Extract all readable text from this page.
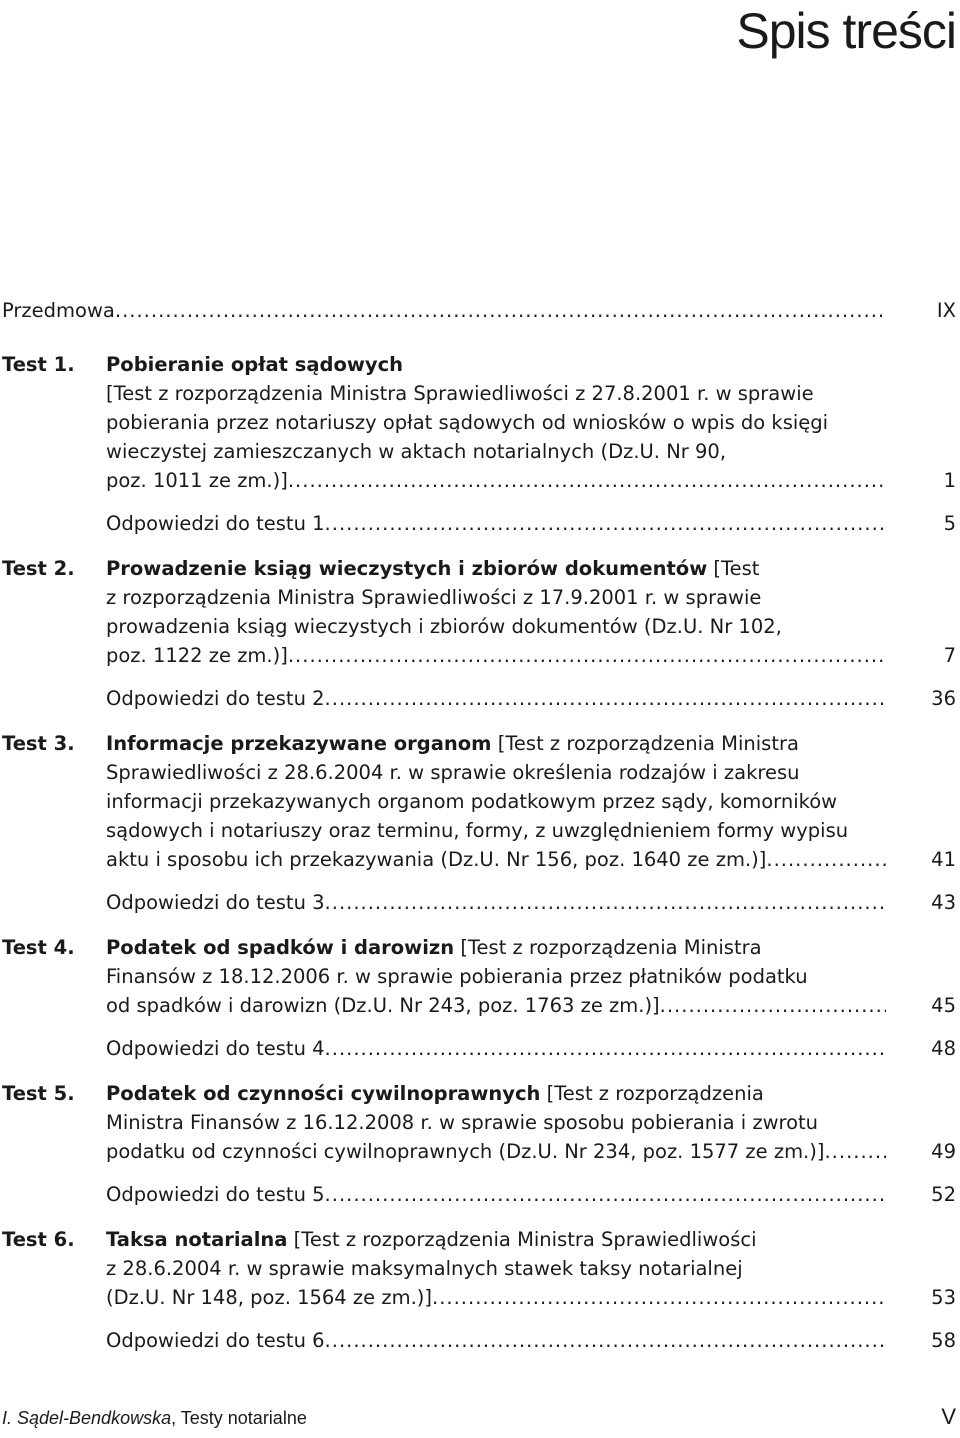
Spis treści
Przedmowa .....	IX
Test 1. Pobieranie opłat sądowych
[Test z rozporządzenia Ministra Sprawiedliwości z 27.8.2001 r. w sprawie
pobierania przez notariuszy opłat sądowych od wniosków o wpis do księgi
wieczystej zamieszczanych w aktach notarialnych (Dz.U. Nr 90,
poz. 1011 ze zm.)] .....	1
Odpowiedzi do testu 1 .....	5
Test 2. Prowadzenie ksiąg wieczystych i zbiorów dokumentów [Test
z rozporządzenia Ministra Sprawiedliwości z 17.9.2001 r. w sprawie
prowadzenia ksiąg wieczystych i zbiorów dokumentów (Dz.U. Nr 102,
poz. 1122 ze zm.)] .....	7
Odpowiedzi do testu 2 .....	36
Test 3. Informacje przekazywane organom [Test z rozporządzenia Ministra
Sprawiedliwości z 28.6.2004 r. w sprawie określenia rodzajów i zakresu
informacji przekazywanych organom podatkowym przez sądy, komorników
sądowych i notariuszy oraz terminu, formy, z uwzględnieniem formy wypisu
aktu i sposobu ich przekazywania (Dz.U. Nr 156, poz. 1640 ze zm.)] .....	41
Odpowiedzi do testu 3 .....	43
Test 4. Podatek od spadków i darowizn [Test z rozporządzenia Ministra
Finansów z 18.12.2006 r. w sprawie pobierania przez płatników podatku
od spadków i darowizn (Dz.U. Nr 243, poz. 1763 ze zm.)] .....	45
Odpowiedzi do testu 4 .....	48
Test 5. Podatek od czynności cywilnoprawnych [Test z rozporządzenia
Ministra Finansów z 16.12.2008 r. w sprawie sposobu pobierania i zwrotu
podatku od czynności cywilnoprawnych (Dz.U. Nr 234, poz. 1577 ze zm.)] .....	49
Odpowiedzi do testu 5 .....	52
Test 6. Taksa notarialna [Test z rozporządzenia Ministra Sprawiedliwości
z 28.6.2004 r. w sprawie maksymalnych stawek taksy notarialnej
(Dz.U. Nr 148, poz. 1564 ze zm.)] .....	53
Odpowiedzi do testu 6 .....	58
I. Sądel-Bendkowska, Testy notarialne	V
